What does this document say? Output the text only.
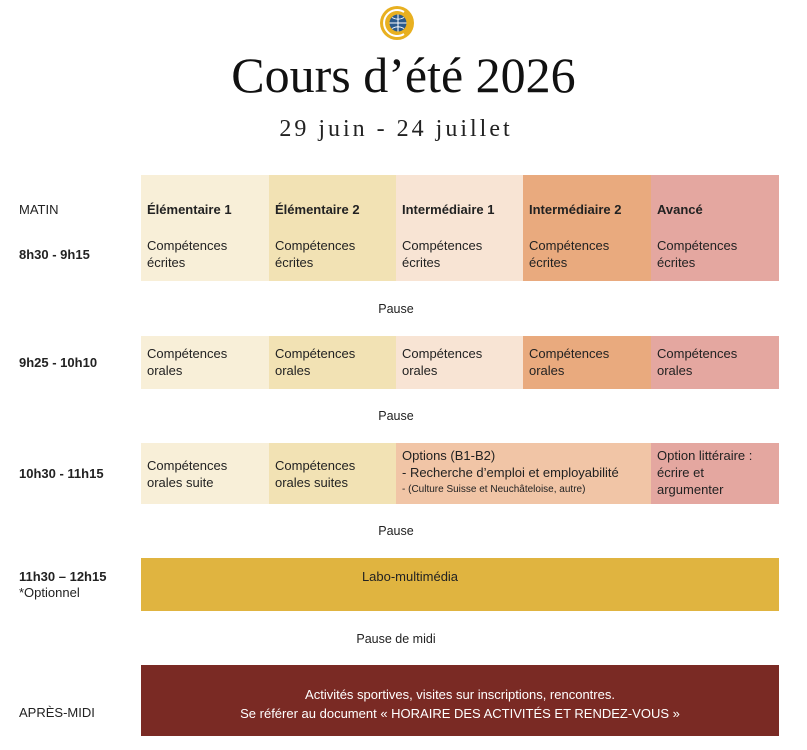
Cours d’été 2026
29 juin - 24 juillet
MATIN
8h30 - 9h15
9h25 - 10h10
10h30 - 11h15
11h30 – 12h15
*Optionnel
APRÈS-MIDI
Élémentaire 1
Compétences écrites
Élémentaire 2
Compétences écrites
Intermédiaire 1
Compétences écrites
Intermédiaire 2
Compétences écrites
Avancé
Compétences écrites
Pause
Compétences orales
Compétences orales
Compétences orales
Compétences orales
Compétences orales
Pause
Compétences orales suite
Compétences orales suites
Options (B1-B2)
- Recherche d’emploi et employabilité
- (Culture Suisse et Neuchâteloise, autre)
Option littéraire : écrire et argumenter
Pause
Labo-multimédia
Pause de midi
Activités sportives, visites sur inscriptions, rencontres.
Se référer au document « HORAIRE DES ACTIVITÉS ET RENDEZ-VOUS »
